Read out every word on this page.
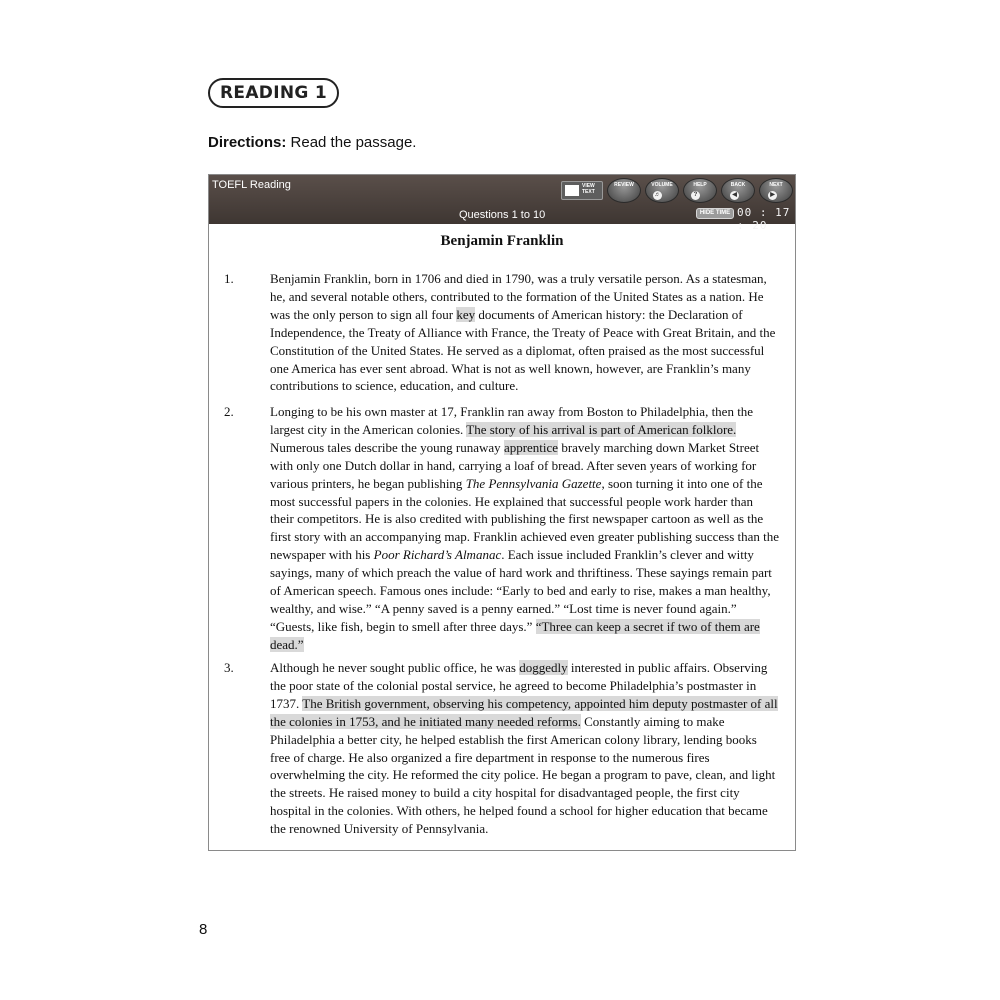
READING 1
Directions: Read the passage.
TOEFL Reading	VIEW
TEXT
REVIEW	VOLUME
♬
HELP
?
BACK
◀
NEXT
▶
Questions 1 to 10	HIDE TIME 00 : 17 : 20
Benjamin Franklin
1.	Benjamin Franklin, born in 1706 and died in 1790, was a truly versatile person. As a statesman, he, and several notable others, contributed to the formation of the United States as a nation. He was the only person to sign all four key documents of American history: the Declaration of Independence, the Treaty of Alliance with France, the Treaty of Peace with Great Britain, and the Constitution of the United States. He served as a diplomat, often praised as the most successful one America has ever sent abroad. What is not as well known, however, are Franklin’s many contributions to science, education, and culture.
2.	Longing to be his own master at 17, Franklin ran away from Boston to Philadelphia, then the largest city in the American colonies. The story of his arrival is part of American folklore. Numerous tales describe the young runaway apprentice bravely marching down Market Street with only one Dutch dollar in hand, carrying a loaf of bread. After seven years of working for various printers, he began publishing The Pennsylvania Gazette, soon turning it into one of the most successful papers in the colonies. He explained that successful people work harder than their competitors. He is also credited with publishing the first newspaper cartoon as well as the first story with an accompanying map. Franklin achieved even greater publishing success than the newspaper with his Poor Richard’s Almanac. Each issue included Franklin’s clever and witty sayings, many of which preach the value of hard work and thriftiness. These sayings remain part of American speech. Famous ones include: “Early to bed and early to rise, makes a man healthy, wealthy, and wise.” “A penny saved is a penny earned.” “Lost time is never found again.” “Guests, like fish, begin to smell after three days.” “Three can keep a secret if two of them are dead.”
3.	Although he never sought public office, he was doggedly interested in public affairs. Observing the poor state of the colonial postal service, he agreed to become Philadelphia’s postmaster in 1737. The British government, observing his competency, appointed him deputy postmaster of all the colonies in 1753, and he initiated many needed reforms. Constantly aiming to make Philadelphia a better city, he helped establish the first American colony library, lending books free of charge. He also organized a fire department in response to the numerous fires overwhelming the city. He reformed the city police. He began a program to pave, clean, and light the streets. He raised money to build a city hospital for disadvantaged people, the first city hospital in the colonies. With others, he helped found a school for higher education that became the renowned University of Pennsylvania.
8
